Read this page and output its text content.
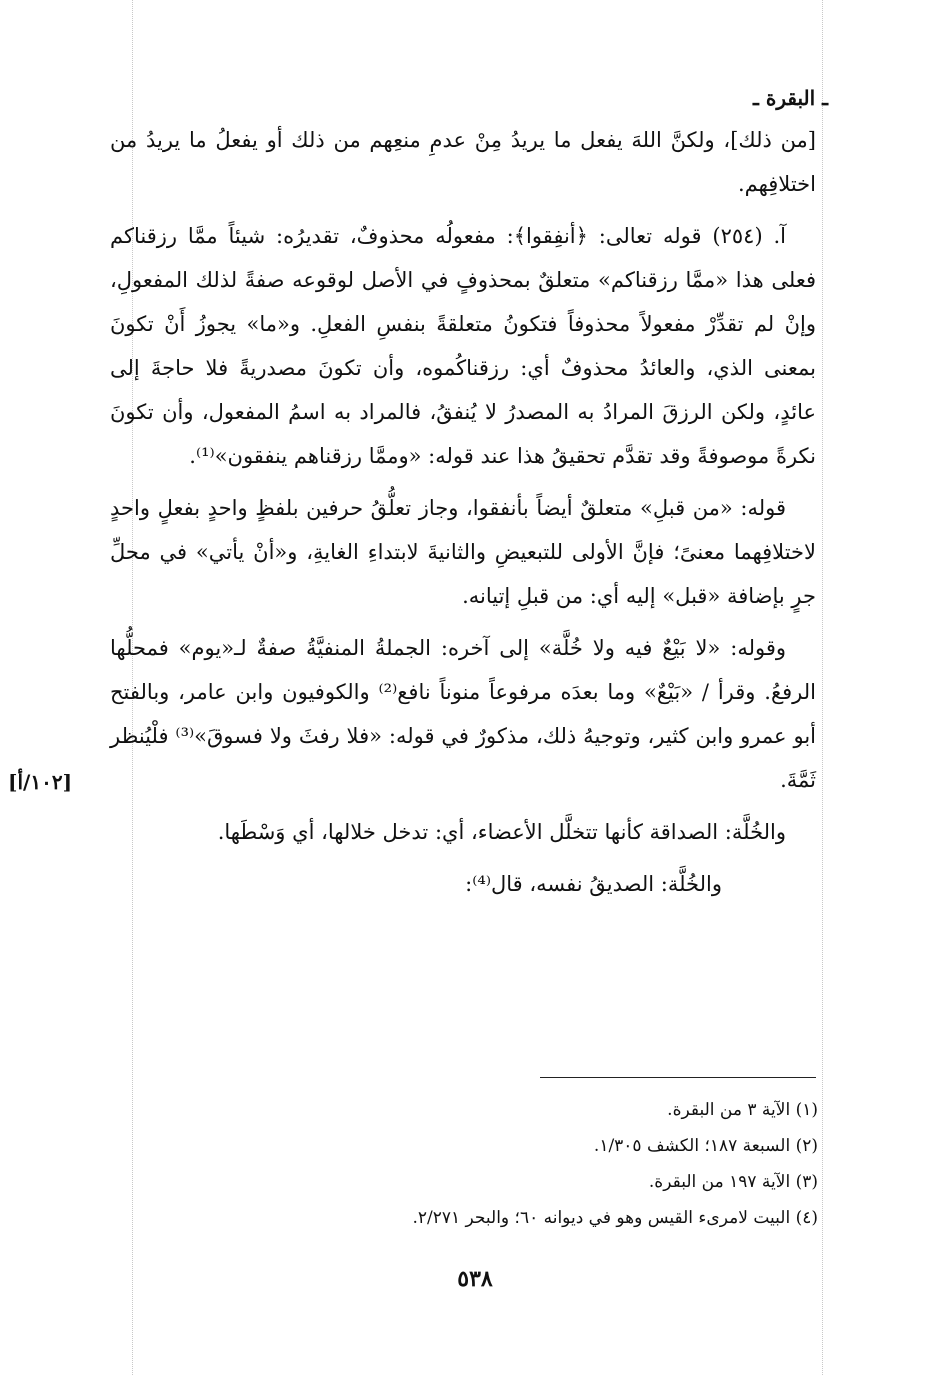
ـ البقرة ـ

[من ذلك]، ولكنَّ اللهَ يفعل ما يريدُ مِنْ عدمِ منعِهم من ذلك أو يفعلُ ما يريدُ من اختلافِهم.

آ. (٢٥٤) قوله تعالى: ﴿أنفِقوا﴾: مفعولُه محذوفٌ، تقديرُه: شيئاً ممَّا رزقناكم فعلى هذا «ممَّا رزقناكم» متعلقٌ بمحذوفٍ في الأصل لوقوعه صفةً لذلك المفعولِ، وإنْ لم تقدِّرْ مفعولاً محذوفاً فتكونُ متعلقةً بنفسِ الفعلِ. و«ما» يجوزُ أَنْ تكونَ بمعنى الذي، والعائدُ محذوفٌ أي: رزقناكُموه، وأن تكونَ مصدريةً فلا حاجةَ إلى عائدٍ، ولكن الرزقَ المرادُ به المصدرُ لا يُنفقُ، فالمراد به اسمُ المفعول، وأن تكونَ نكرةً موصوفةً وقد تقدَّم تحقيقُ هذا عند قوله: «وممَّا رزقناهم ينفقون»⁽¹⁾.

قوله: «من قبلِ» متعلقٌ أيضاً بأنفقوا، وجاز تعلُّقُ حرفين بلفظٍ واحدٍ بفعلٍ واحدٍ لاختلافِهما معنىً؛ فإنَّ الأولى للتبعيضِ والثانيةَ لابتداءِ الغايةِ، و«أنْ يأتي» في محلِّ جرٍ بإضافة «قبل» إليه أي: من قبلِ إتيانه.

وقوله: «لا بَيْعٌ فيه ولا خُلَّة» إلى آخره: الجملةُ المنفيَّةُ صفةٌ لـ«يوم» فمحلُّها الرفعُ. وقرأ / «بَيْعٌ» وما بعدَه مرفوعاً منوناً نافع⁽²⁾ والكوفيون وابن عامر، وبالفتح أبو عمرو وابن كثير، وتوجيهُ ذلك، مذكورٌ في قوله: «فلا رفثَ ولا فسوقَ»⁽³⁾ فلْيُنظر ثَمَّةَ.

والخُلَّة: الصداقة كأنها تتخلَّل الأعضاء، أي: تدخل خلالها، أي وَسْطَها.

والخُلَّة: الصديقُ نفسه، قال⁽⁴⁾:

[١٠٢/أ]
(١) الآية ٣ من البقرة.
(٢) السبعة ١٨٧؛ الكشف ١/٣٠٥.
(٣) الآية ١٩٧ من البقرة.
(٤) البيت لامرىء القيس وهو في ديوانه ٦٠؛ والبحر ٢/٢٧١.
٥٣٨
